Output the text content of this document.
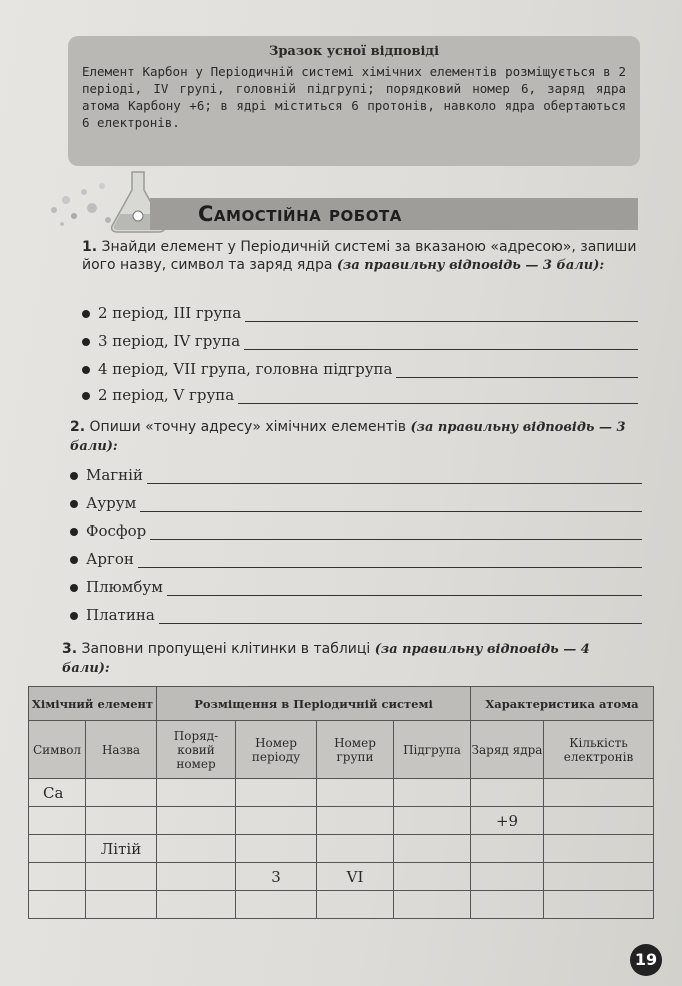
Зразок усної відповіді

Елемент Карбон у Періодичній системі хімічних елементів розміщується в 2 періоді, IV групі, головній підгрупі; порядковий номер 6, заряд ядра атома Карбону +6; в ядрі міститься 6 протонів, навколо ядра обертаються 6 електронів.

Самостійна робота
1. Знайди елемент у Періодичній системі за вказаною «адресою», запиши його назву, символ та заряд ядра (за правильну відповідь — 3 бали):
2 період, III група
3 період, IV група
4 період, VII група, головна підгрупа
2 період, V група
2. Опиши «точну адресу» хімічних елементів (за правильну відповідь — 3 бали):
Магній
Аурум
Фосфор
Аргон
Плюмбум
Платина
3. Заповни пропущені клітинки в таблиці (за правильну відповідь — 4 бали):
Хімічний елемент		Розміщення в Періодичній системі				Характеристика атома	
Символ	Назва	Поряд-ковий номер	Номер періоду	Номер групи	Підгрупа	Заряд ядра	Кількість електронів
Ca							
						+9	
	Літій						
			3	VI			

19
